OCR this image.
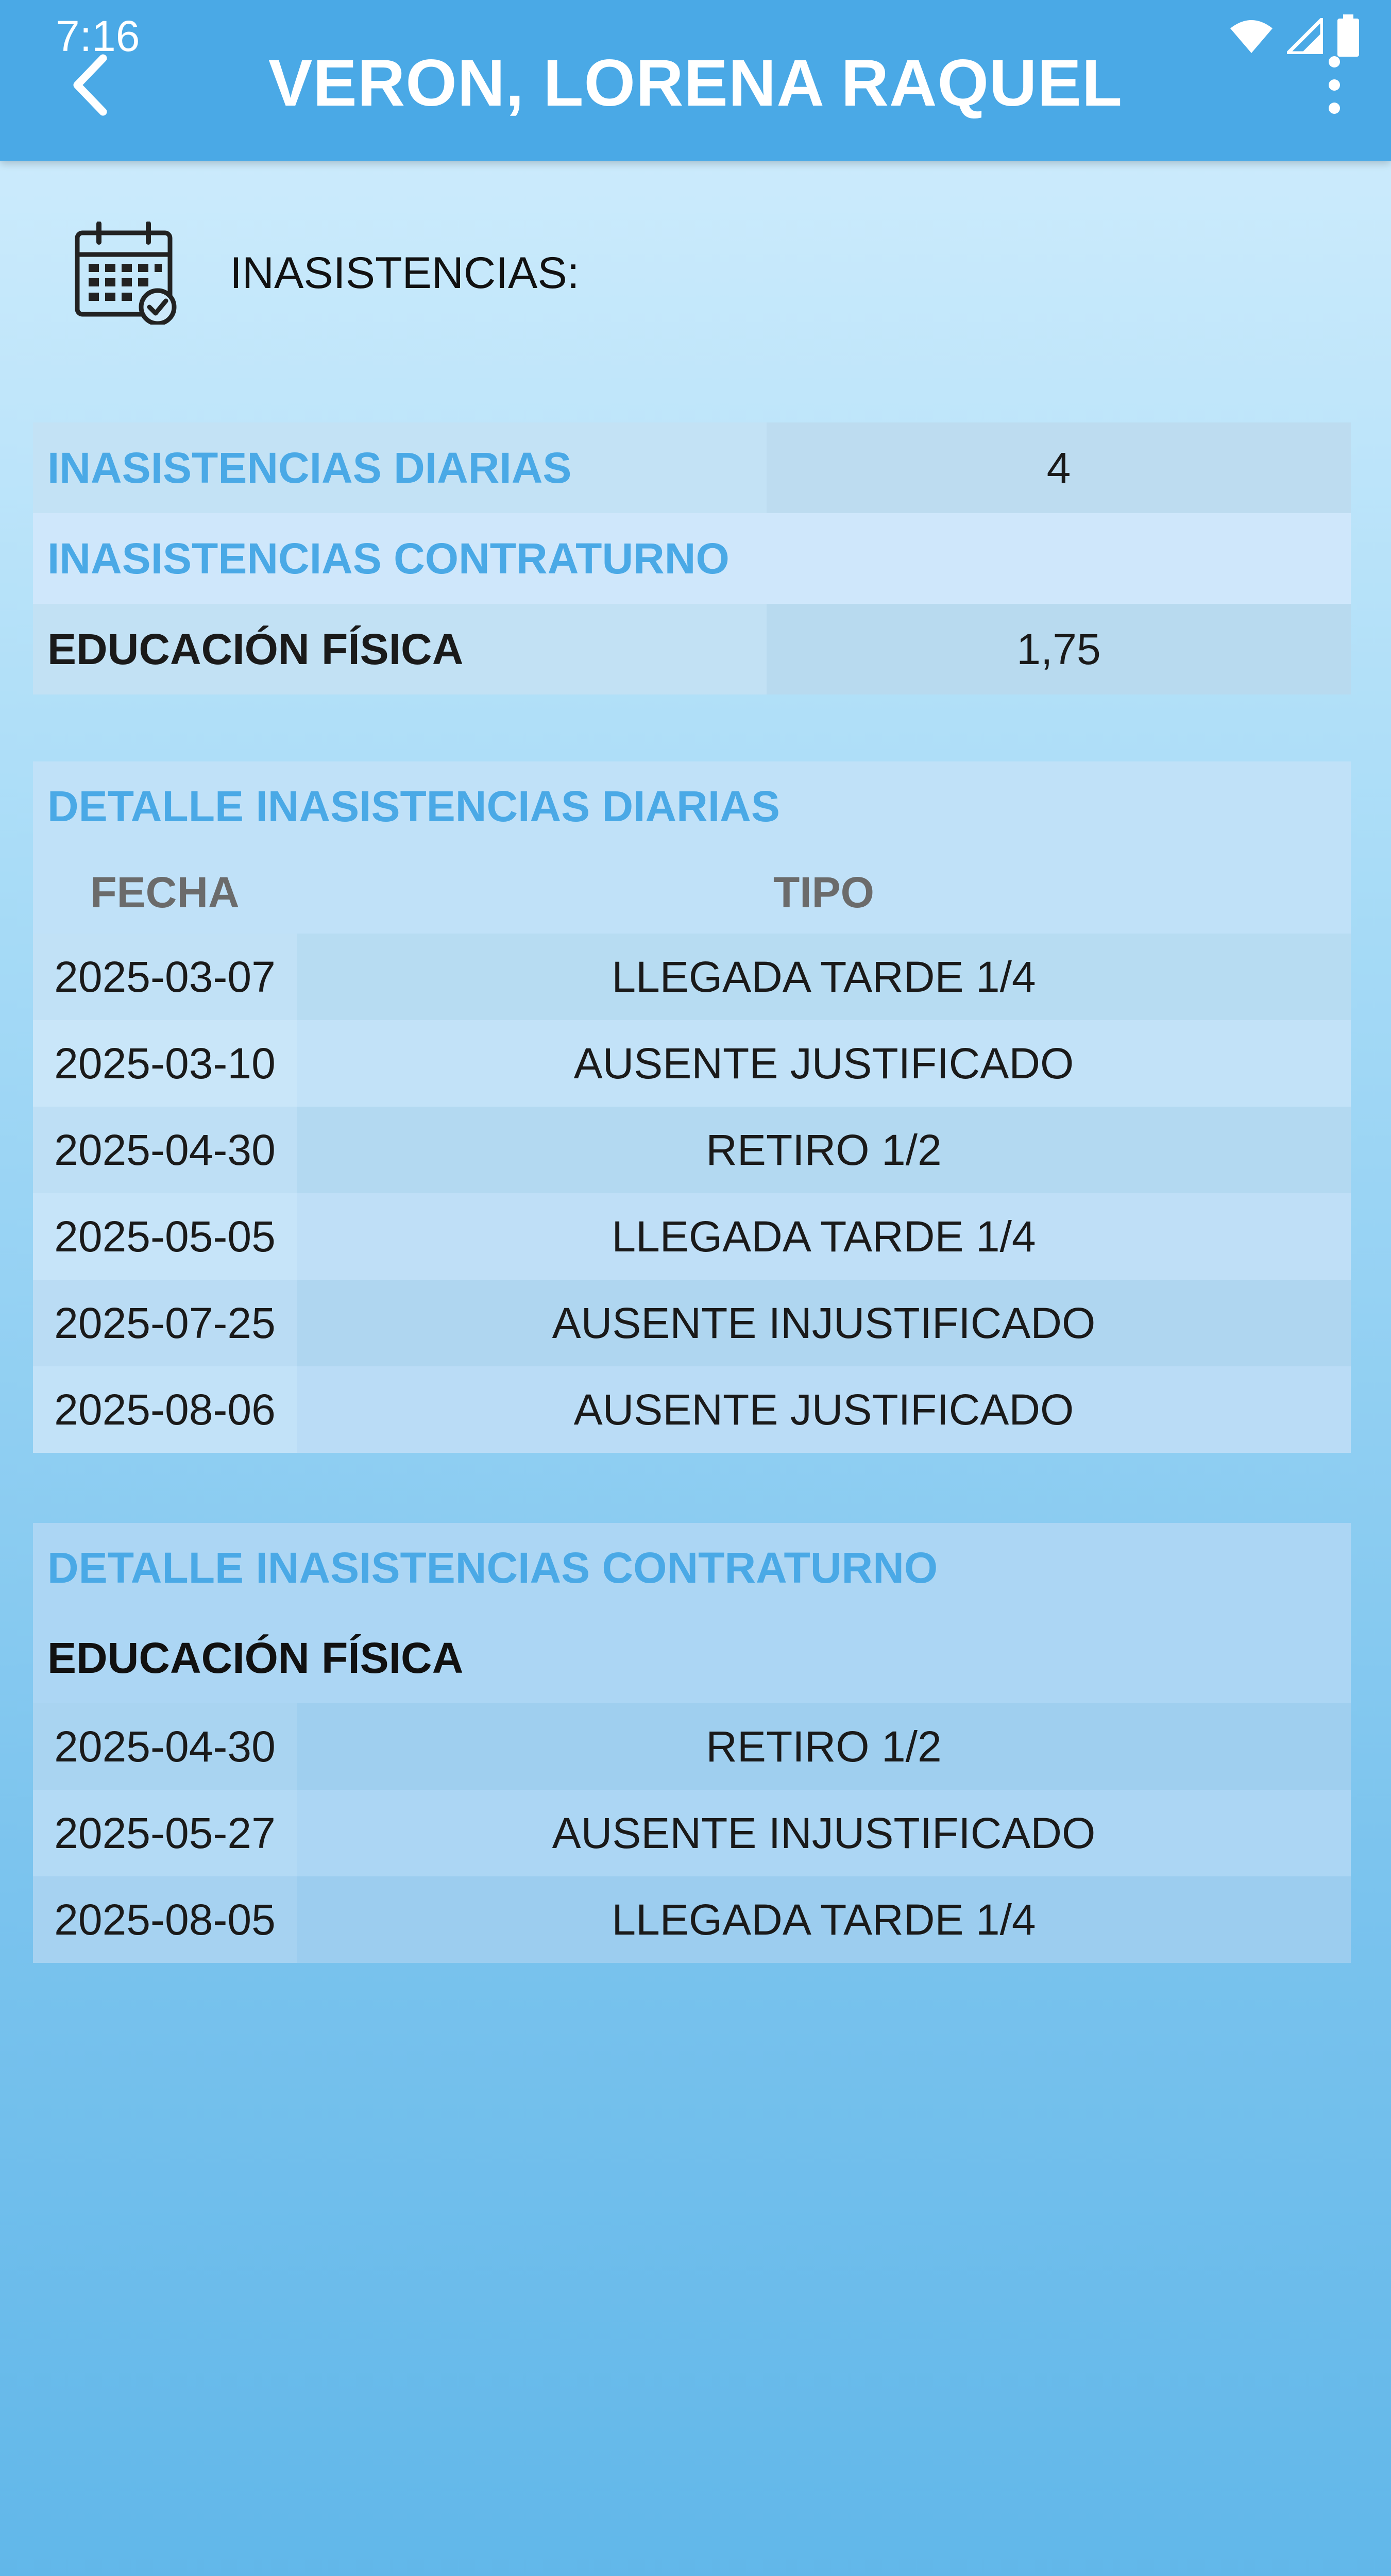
7:16
VERON, LORENA RAQUEL
INASISTENCIAS:
INASISTENCIAS DIARIAS	4
INASISTENCIAS CONTRATURNO
EDUCACIÓN FÍSICA	1,75
DETALLE INASISTENCIAS DIARIAS
FECHA	TIPO
2025-03-07	LLEGADA TARDE 1/4
2025-03-10	AUSENTE JUSTIFICADO
2025-04-30	RETIRO 1/2
2025-05-05	LLEGADA TARDE 1/4
2025-07-25	AUSENTE INJUSTIFICADO
2025-08-06	AUSENTE JUSTIFICADO
DETALLE INASISTENCIAS CONTRATURNO
EDUCACIÓN FÍSICA
2025-04-30	RETIRO 1/2
2025-05-27	AUSENTE INJUSTIFICADO
2025-08-05	LLEGADA TARDE 1/4
